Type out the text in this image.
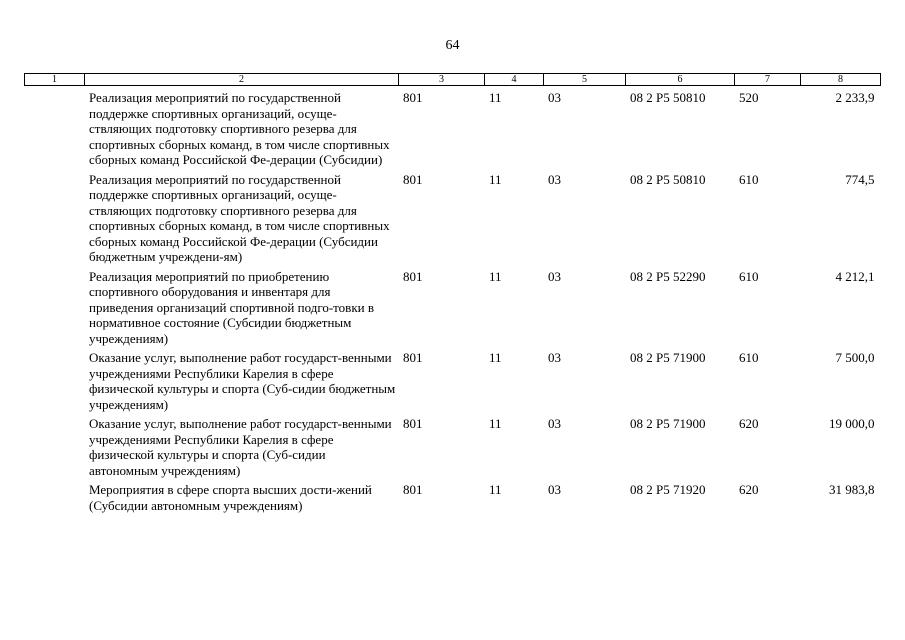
64
1	2	3	4	5	6	7	8
	Реализация мероприятий по государственной поддержке спортивных организаций, осуще-ствляющих подготовку спортивного резерва для спортивных сборных команд, в том числе спортивных сборных команд Российской Фе-дерации (Субсидии)	801	11	03	08 2 Р5 50810	520	2 233,9
	Реализация мероприятий по государственной поддержке спортивных организаций, осуще-ствляющих подготовку спортивного резерва для спортивных сборных команд, в том числе спортивных сборных команд Российской Фе-дерации (Субсидии бюджетным учреждени-ям)	801	11	03	08 2 Р5 50810	610	774,5
	Реализация мероприятий по приобретению спортивного оборудования и инвентаря для приведения организаций спортивной подго-товки в нормативное состояние (Субсидии бюджетным учреждениям)	801	11	03	08 2 Р5 52290	610	4 212,1
	Оказание услуг, выполнение работ государст-венными учреждениями Республики Карелия в сфере физической культуры и спорта (Суб-сидии бюджетным учреждениям)	801	11	03	08 2 Р5 71900	610	7 500,0
	Оказание услуг, выполнение работ государст-венными учреждениями Республики Карелия в сфере физической культуры и спорта (Суб-сидии автономным учреждениям)	801	11	03	08 2 Р5 71900	620	19 000,0
	Мероприятия в сфере спорта высших дости-жений (Субсидии автономным учреждениям)	801	11	03	08 2 Р5 71920	620	31 983,8
